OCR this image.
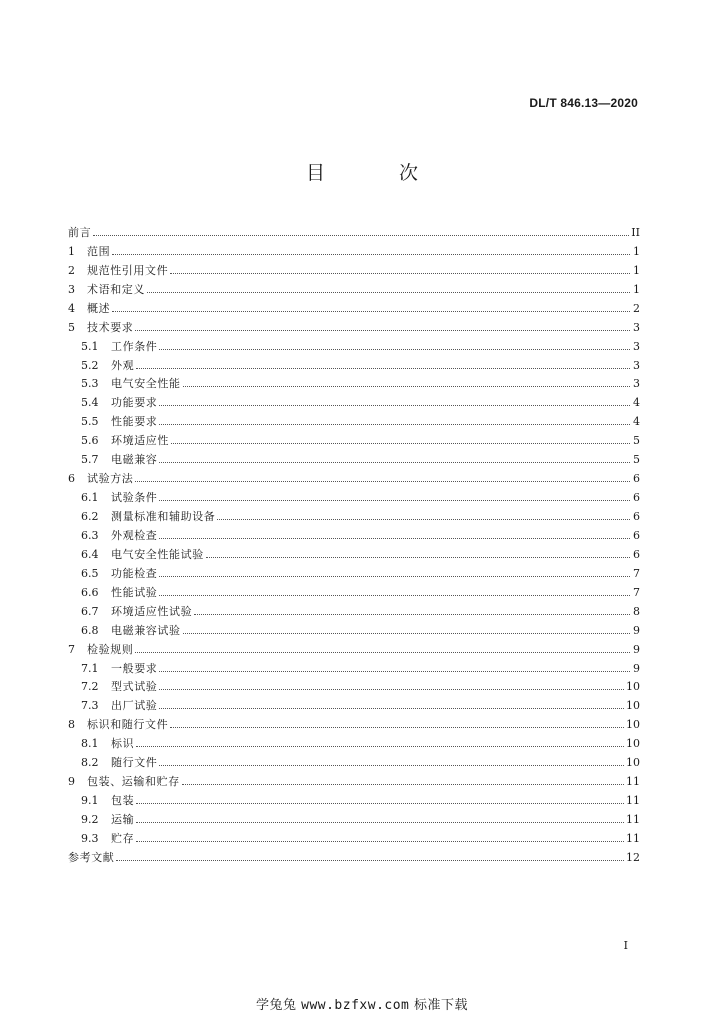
DL/T 846.13—2020
目 次
前言	II
1	范围	1
2	规范性引用文件	1
3	术语和定义	1
4	概述	2
5	技术要求	3
5.1	工作条件	3
5.2	外观	3
5.3	电气安全性能	3
5.4	功能要求	4
5.5	性能要求	4
5.6	环境适应性	5
5.7	电磁兼容	5
6	试验方法	6
6.1	试验条件	6
6.2	测量标准和辅助设备	6
6.3	外观检查	6
6.4	电气安全性能试验	6
6.5	功能检查	7
6.6	性能试验	7
6.7	环境适应性试验	8
6.8	电磁兼容试验	9
7	检验规则	9
7.1	一般要求	9
7.2	型式试验	10
7.3	出厂试验	10
8	标识和随行文件	10
8.1	标识	10
8.2	随行文件	10
9	包装、运输和贮存	11
9.1	包装	11
9.2	运输	11
9.3	贮存	11
参考文献	12
I
学兔兔 www.bzfxw.com 标准下载
